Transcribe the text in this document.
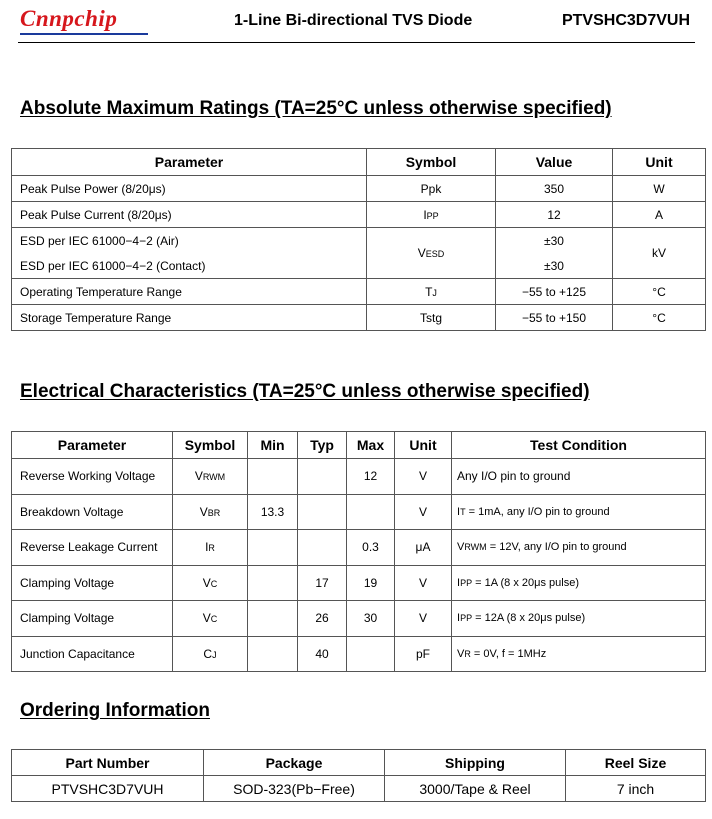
Cnnpchip	1-Line Bi-directional TVS Diode	PTVSHC3D7VUH
Absolute Maximum Ratings (TA=25°C unless otherwise specified)
Parameter	Symbol	Value	Unit
Peak Pulse Power (8/20μs)	Ppk	350	W
Peak Pulse Current (8/20μs)	IPP	12	A
ESD per IEC 61000−4−2 (Air)	VESD	±30	kV
ESD per IEC 61000−4−2 (Contact)		±30	
Operating Temperature Range	TJ	−55 to +125	°C
Storage Temperature Range	Tstg	−55 to +150	°C
Electrical Characteristics (TA=25°C unless otherwise specified)
Parameter	Symbol	Min	Typ	Max	Unit	Test Condition
Reverse Working Voltage	VRWM			12	V	Any I/O pin to ground
Breakdown Voltage	VBR	13.3			V	IT = 1mA, any I/O pin to ground
Reverse Leakage Current	IR			0.3	μA	VRWM = 12V, any I/O pin to ground
Clamping Voltage	VC		17	19	V	IPP = 1A (8 x 20μs pulse)
Clamping Voltage	VC		26	30	V	IPP = 12A (8 x 20μs pulse)
Junction Capacitance	CJ		40		pF	VR = 0V, f = 1MHz
Ordering Information
Part Number	Package	Shipping	Reel Size
PTVSHC3D7VUH	SOD-323(Pb−Free)	3000/Tape & Reel	7 inch
